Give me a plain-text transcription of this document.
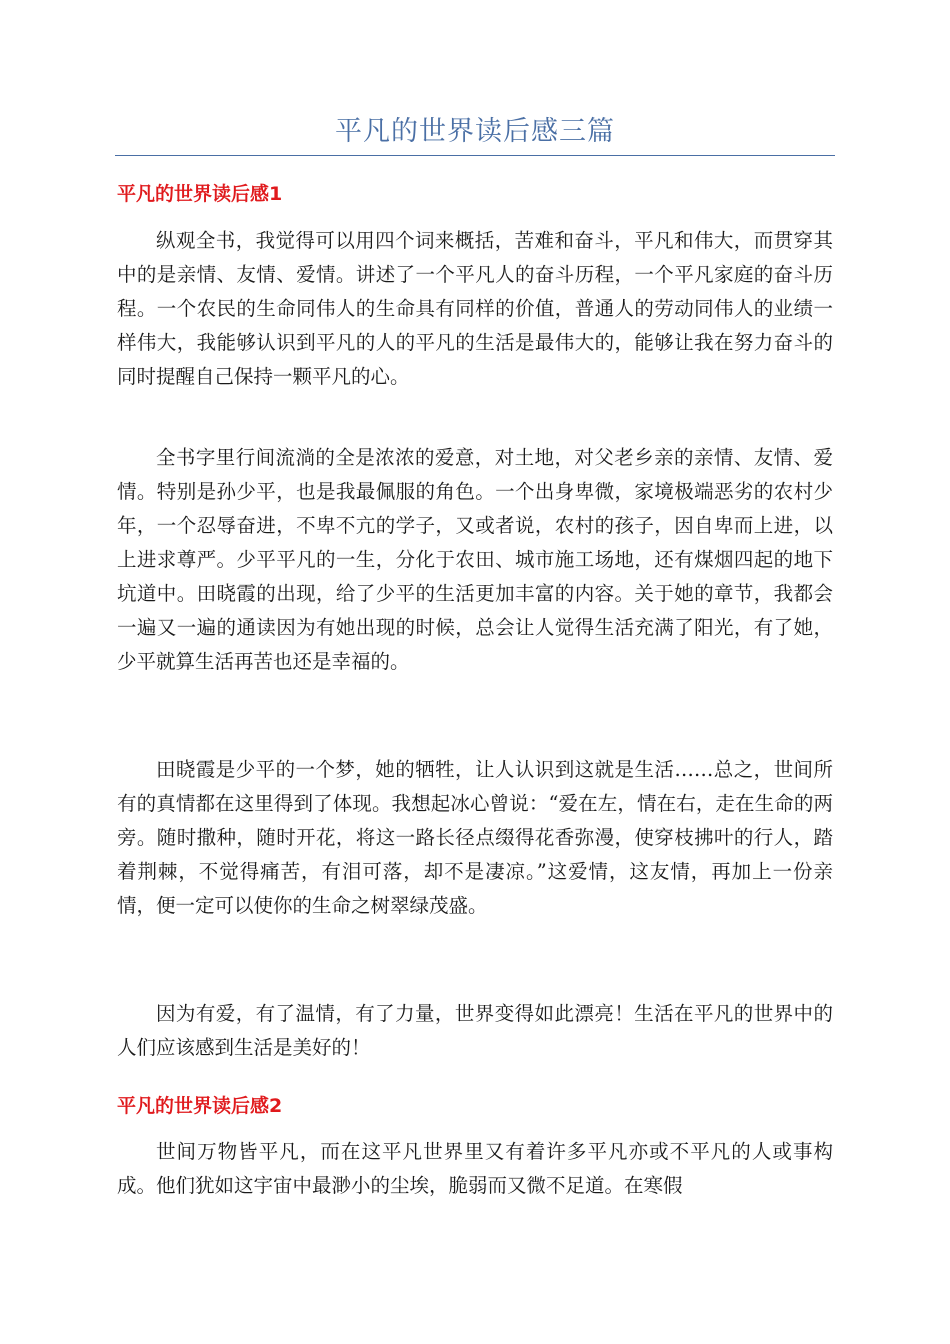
平凡的世界读后感三篇
平凡的世界读后感1

纵观全书，我觉得可以用四个词来概括，苦难和奋斗，平凡和伟大，而贯穿其中的是亲情、友情、爱情。讲述了一个平凡人的奋斗历程，一个平凡家庭的奋斗历程。一个农民的生命同伟人的生命具有同样的价值，普通人的劳动同伟人的业绩一样伟大，我能够认识到平凡的人的平凡的生活是最伟大的，能够让我在努力奋斗的同时提醒自己保持一颗平凡的心。

全书字里行间流淌的全是浓浓的爱意，对土地，对父老乡亲的亲情、友情、爱情。特别是孙少平，也是我最佩服的角色。一个出身卑微，家境极端恶劣的农村少年，一个忍辱奋进，不卑不亢的学子，又或者说，农村的孩子，因自卑而上进，以上进求尊严。少平平凡的一生，分化于农田、城市施工场地，还有煤烟四起的地下坑道中。田晓霞的出现，给了少平的生活更加丰富的内容。关于她的章节，我都会一遍又一遍的通读因为有她出现的时候，总会让人觉得生活充满了阳光，有了她，少平就算生活再苦也还是幸福的。

田晓霞是少平的一个梦，她的牺牲，让人认识到这就是生活……总之，世间所有的真情都在这里得到了体现。我想起冰心曾说：“爱在左，情在右，走在生命的两旁。随时撒种，随时开花，将这一路长径点缀得花香弥漫，使穿枝拂叶的行人，踏着荆棘，不觉得痛苦，有泪可落，却不是凄凉。”这爱情，这友情，再加上一份亲情，便一定可以使你的生命之树翠绿茂盛。

因为有爱，有了温情，有了力量，世界变得如此漂亮！生活在平凡的世界中的人们应该感到生活是美好的！

平凡的世界读后感2

世间万物皆平凡，而在这平凡世界里又有着许多平凡亦或不平凡的人或事构成。他们犹如这宇宙中最渺小的尘埃，脆弱而又微不足道。在寒假
